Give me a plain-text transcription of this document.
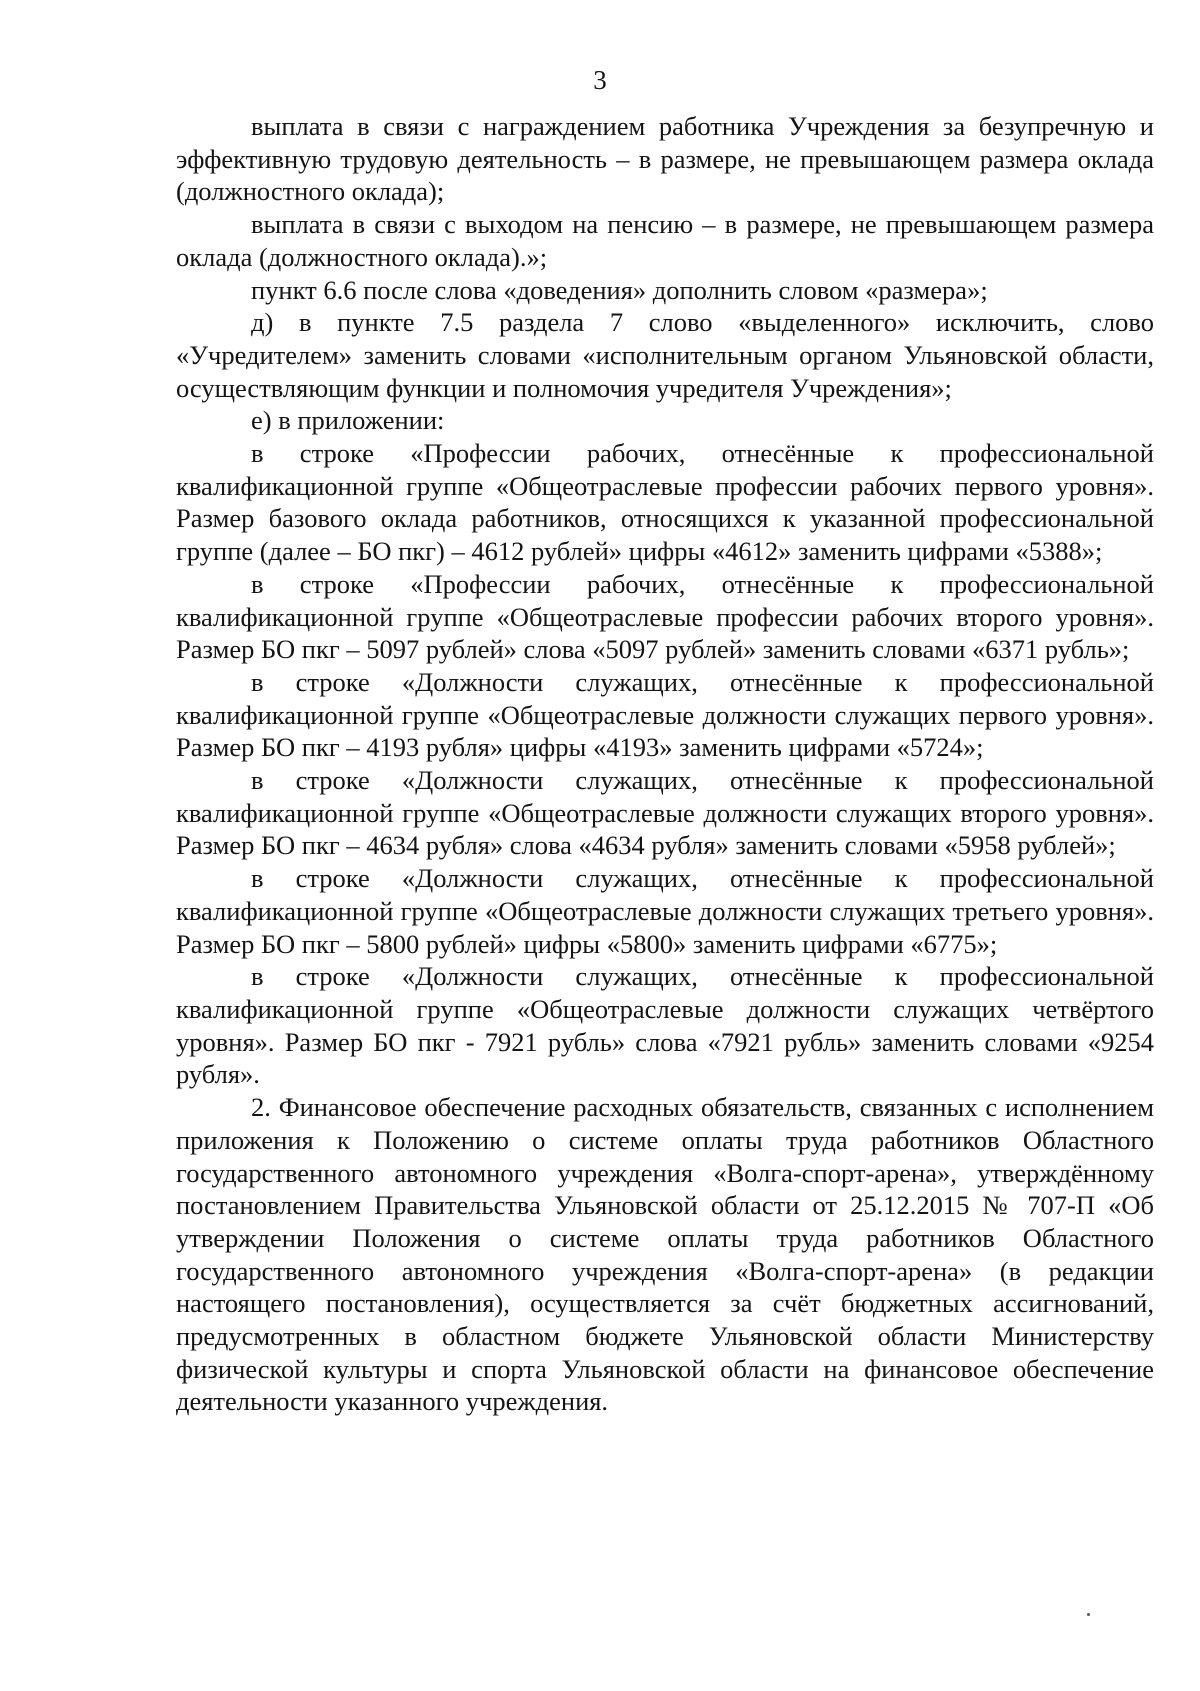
3

выплата в связи с награждением работника Учреждения за безупречную и эффективную трудовую деятельность – в размере, не превышающем размера оклада (должностного оклада);

выплата в связи с выходом на пенсию – в размере, не превышающем размера оклада (должностного оклада).»;

пункт 6.6 после слова «доведения» дополнить словом «размера»;

д) в пункте 7.5 раздела 7 слово «выделенного» исключить, слово «Учредителем» заменить словами «исполнительным органом Ульяновской области, осуществляющим функции и полномочия учредителя Учреждения»;

е) в приложении:

в строке «Профессии рабочих, отнесённые к профессиональной квалификационной группе «Общеотраслевые профессии рабочих первого уровня». Размер базового оклада работников, относящихся к указанной профессиональной группе (далее – БО пкг) – 4612 рублей» цифры «4612» заменить цифрами «5388»;

в строке «Профессии рабочих, отнесённые к профессиональной квалификационной группе «Общеотраслевые профессии рабочих второго уровня». Размер БО пкг – 5097 рублей» слова «5097 рублей» заменить словами «6371 рубль»;

в строке «Должности служащих, отнесённые к профессиональной квалификационной группе «Общеотраслевые должности служащих первого уровня». Размер БО пкг – 4193 рубля» цифры «4193» заменить цифрами «5724»;

в строке «Должности служащих, отнесённые к профессиональной квалификационной группе «Общеотраслевые должности служащих второго уровня». Размер БО пкг – 4634 рубля» слова «4634 рубля» заменить словами «5958 рублей»;

в строке «Должности служащих, отнесённые к профессиональной квалификационной группе «Общеотраслевые должности служащих третьего уровня». Размер БО пкг – 5800 рублей» цифры «5800» заменить цифрами «6775»;

в строке «Должности служащих, отнесённые к профессиональной квалификационной группе «Общеотраслевые должности служащих четвёртого уровня». Размер БО пкг - 7921 рубль» слова «7921 рубль» заменить словами «9254 рубля».

2. Финансовое обеспечение расходных обязательств, связанных с исполнением приложения к Положению о системе оплаты труда работников Областного государственного автономного учреждения «Волга-спорт-арена», утверждённому постановлением Правительства Ульяновской области от 25.12.2015 № 707-П «Об утверждении Положения о системе оплаты труда работников Областного государственного автономного учреждения «Волга-спорт-арена» (в редакции настоящего постановления), осуществляется за счёт бюджетных ассигнований, предусмотренных в областном бюджете Ульяновской области Министерству физической культуры и спорта Ульяновской области на финансовое обеспечение деятельности указанного учреждения.
